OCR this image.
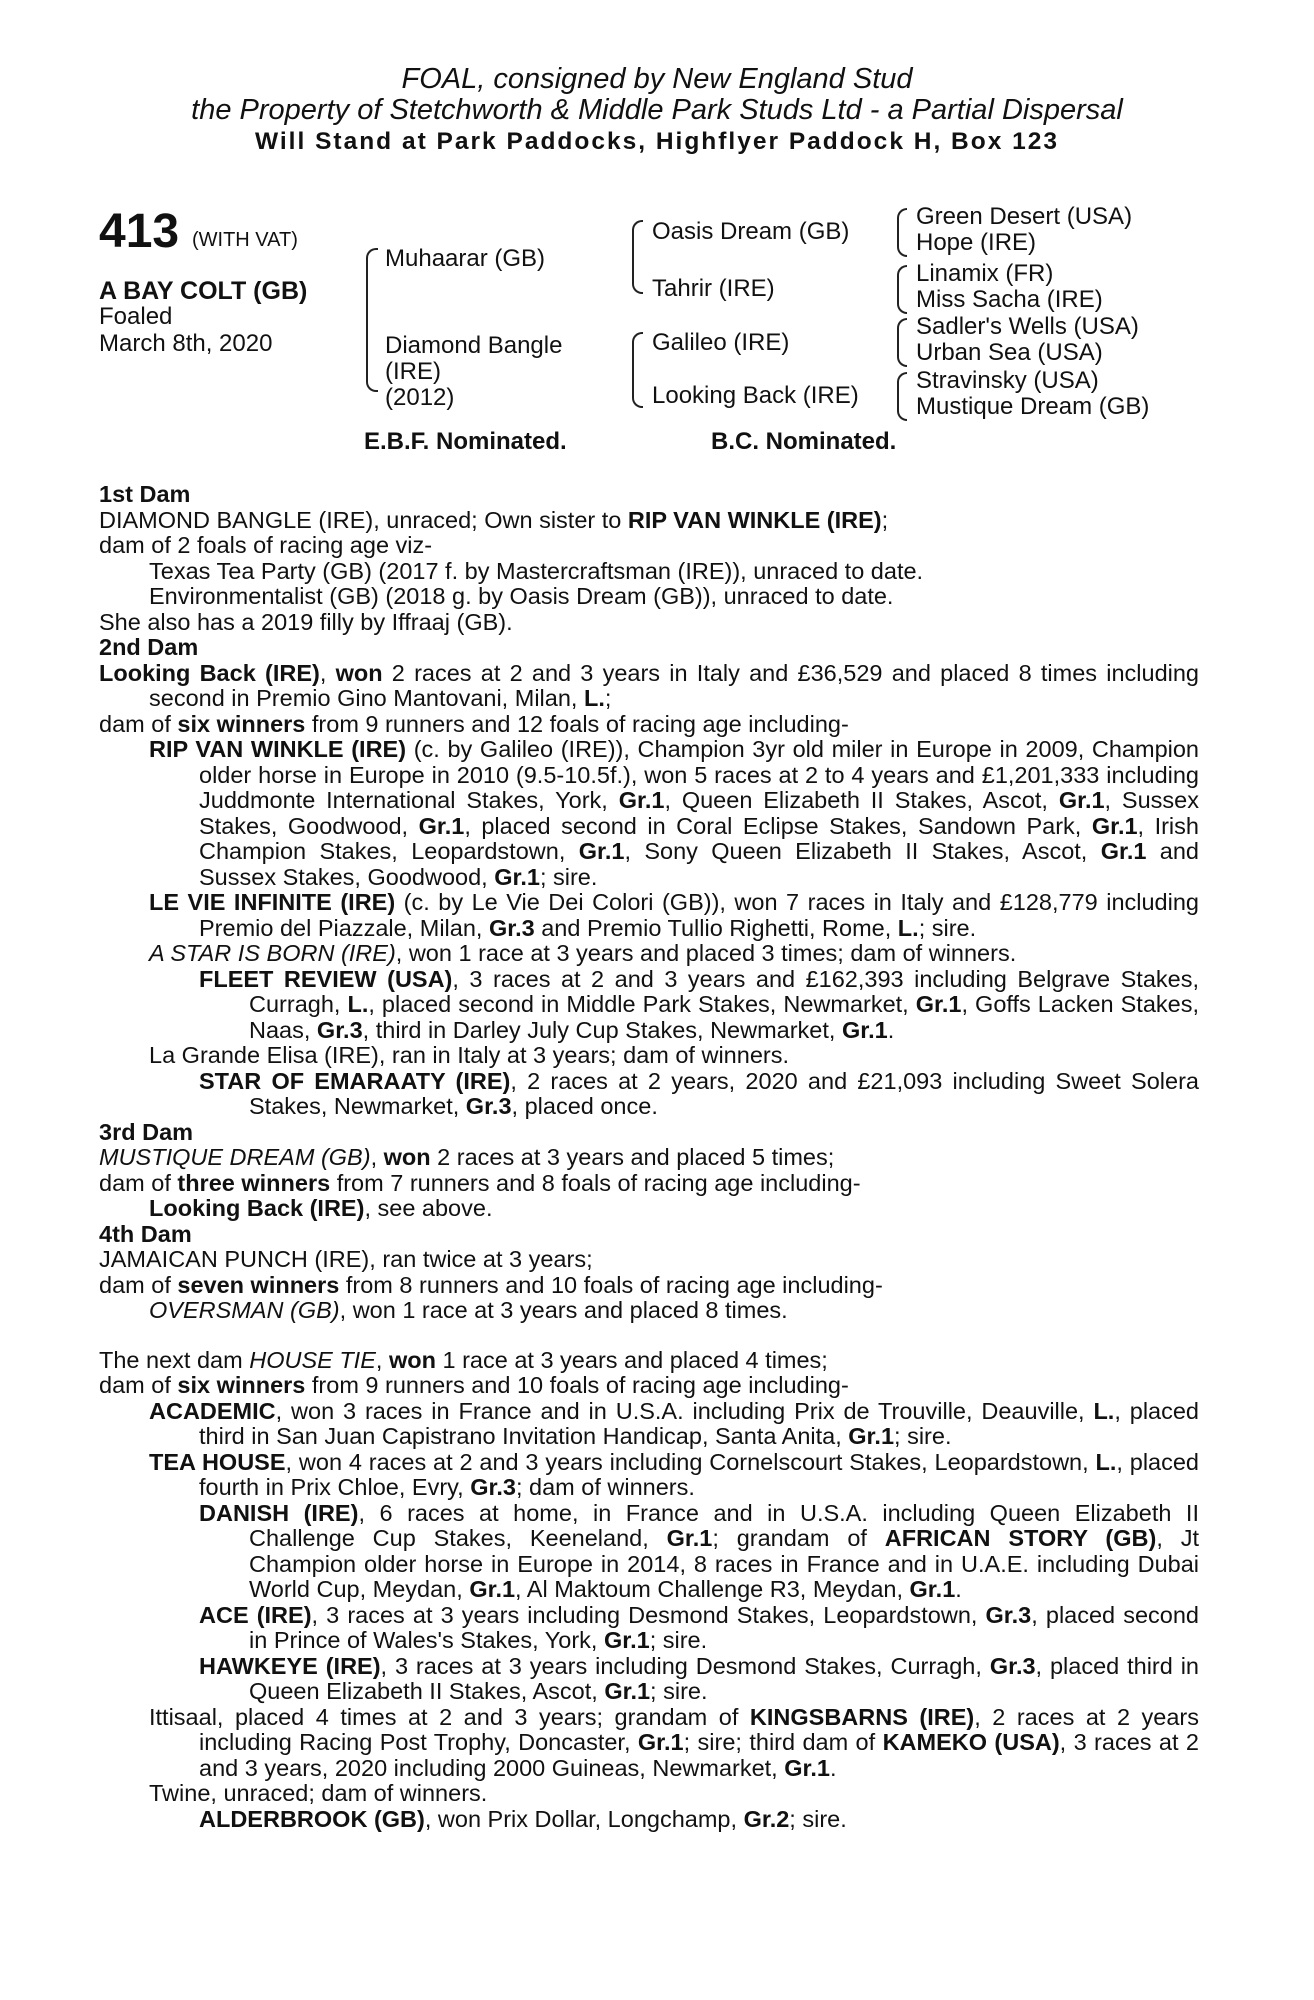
FOAL, consigned by New England Stud
the Property of Stetchworth & Middle Park Studs Ltd - a Partial Dispersal
Will Stand at Park Paddocks, Highflyer Paddock H, Box 123
413 (WITH VAT)
A BAY COLT (GB)
Foaled
March 8th, 2020
Muhaarar (GB)
Diamond Bangle
(IRE)
(2012)
Oasis Dream (GB)
Tahrir (IRE)
Galileo (IRE)
Looking Back (IRE)
Green Desert (USA)
Hope (IRE)
Linamix (FR)
Miss Sacha (IRE)
Sadler's Wells (USA)
Urban Sea (USA)
Stravinsky (USA)
Mustique Dream (GB)
E.B.F. Nominated.	B.C. Nominated.

1st Dam

DIAMOND BANGLE (IRE), unraced; Own sister to RIP VAN WINKLE (IRE);

dam of 2 foals of racing age viz-

Texas Tea Party (GB) (2017 f. by Mastercraftsman (IRE)), unraced to date.

Environmentalist (GB) (2018 g. by Oasis Dream (GB)), unraced to date.

She also has a 2019 filly by Iffraaj (GB).

2nd Dam

Looking Back (IRE), won 2 races at 2 and 3 years in Italy and £36,529 and placed 8 times including second in Premio Gino Mantovani, Milan, L.;

dam of six winners from 9 runners and 12 foals of racing age including-

RIP VAN WINKLE (IRE) (c. by Galileo (IRE)), Champion 3yr old miler in Europe in 2009, Champion older horse in Europe in 2010 (9.5-10.5f.), won 5 races at 2 to 4 years and £1,201,333 including Juddmonte International Stakes, York, Gr.1, Queen Elizabeth II Stakes, Ascot, Gr.1, Sussex Stakes, Goodwood, Gr.1, placed second in Coral Eclipse Stakes, Sandown Park, Gr.1, Irish Champion Stakes, Leopardstown, Gr.1, Sony Queen Elizabeth II Stakes, Ascot, Gr.1 and Sussex Stakes, Goodwood, Gr.1; sire.

LE VIE INFINITE (IRE) (c. by Le Vie Dei Colori (GB)), won 7 races in Italy and £128,779 including Premio del Piazzale, Milan, Gr.3 and Premio Tullio Righetti, Rome, L.; sire.

A STAR IS BORN (IRE), won 1 race at 3 years and placed 3 times; dam of winners.

FLEET REVIEW (USA), 3 races at 2 and 3 years and £162,393 including Belgrave Stakes, Curragh, L., placed second in Middle Park Stakes, Newmarket, Gr.1, Goffs Lacken Stakes, Naas, Gr.3, third in Darley July Cup Stakes, Newmarket, Gr.1.

La Grande Elisa (IRE), ran in Italy at 3 years; dam of winners.

STAR OF EMARAATY (IRE), 2 races at 2 years, 2020 and £21,093 including Sweet Solera Stakes, Newmarket, Gr.3, placed once.

3rd Dam

MUSTIQUE DREAM (GB), won 2 races at 3 years and placed 5 times;

dam of three winners from 7 runners and 8 foals of racing age including-

Looking Back (IRE), see above.

4th Dam

JAMAICAN PUNCH (IRE), ran twice at 3 years;

dam of seven winners from 8 runners and 10 foals of racing age including-

OVERSMAN (GB), won 1 race at 3 years and placed 8 times.

The next dam HOUSE TIE, won 1 race at 3 years and placed 4 times;

dam of six winners from 9 runners and 10 foals of racing age including-

ACADEMIC, won 3 races in France and in U.S.A. including Prix de Trouville, Deauville, L., placed third in San Juan Capistrano Invitation Handicap, Santa Anita, Gr.1; sire.

TEA HOUSE, won 4 races at 2 and 3 years including Cornelscourt Stakes, Leopardstown, L., placed fourth in Prix Chloe, Evry, Gr.3; dam of winners.

DANISH (IRE), 6 races at home, in France and in U.S.A. including Queen Elizabeth II Challenge Cup Stakes, Keeneland, Gr.1; grandam of AFRICAN STORY (GB), Jt Champion older horse in Europe in 2014, 8 races in France and in U.A.E. including Dubai World Cup, Meydan, Gr.1, Al Maktoum Challenge R3, Meydan, Gr.1.

ACE (IRE), 3 races at 3 years including Desmond Stakes, Leopardstown, Gr.3, placed second in Prince of Wales's Stakes, York, Gr.1; sire.

HAWKEYE (IRE), 3 races at 3 years including Desmond Stakes, Curragh, Gr.3, placed third in Queen Elizabeth II Stakes, Ascot, Gr.1; sire.

Ittisaal, placed 4 times at 2 and 3 years; grandam of KINGSBARNS (IRE), 2 races at 2 years including Racing Post Trophy, Doncaster, Gr.1; sire; third dam of KAMEKO (USA), 3 races at 2 and 3 years, 2020 including 2000 Guineas, Newmarket, Gr.1.

Twine, unraced; dam of winners.

ALDERBROOK (GB), won Prix Dollar, Longchamp, Gr.2; sire.
